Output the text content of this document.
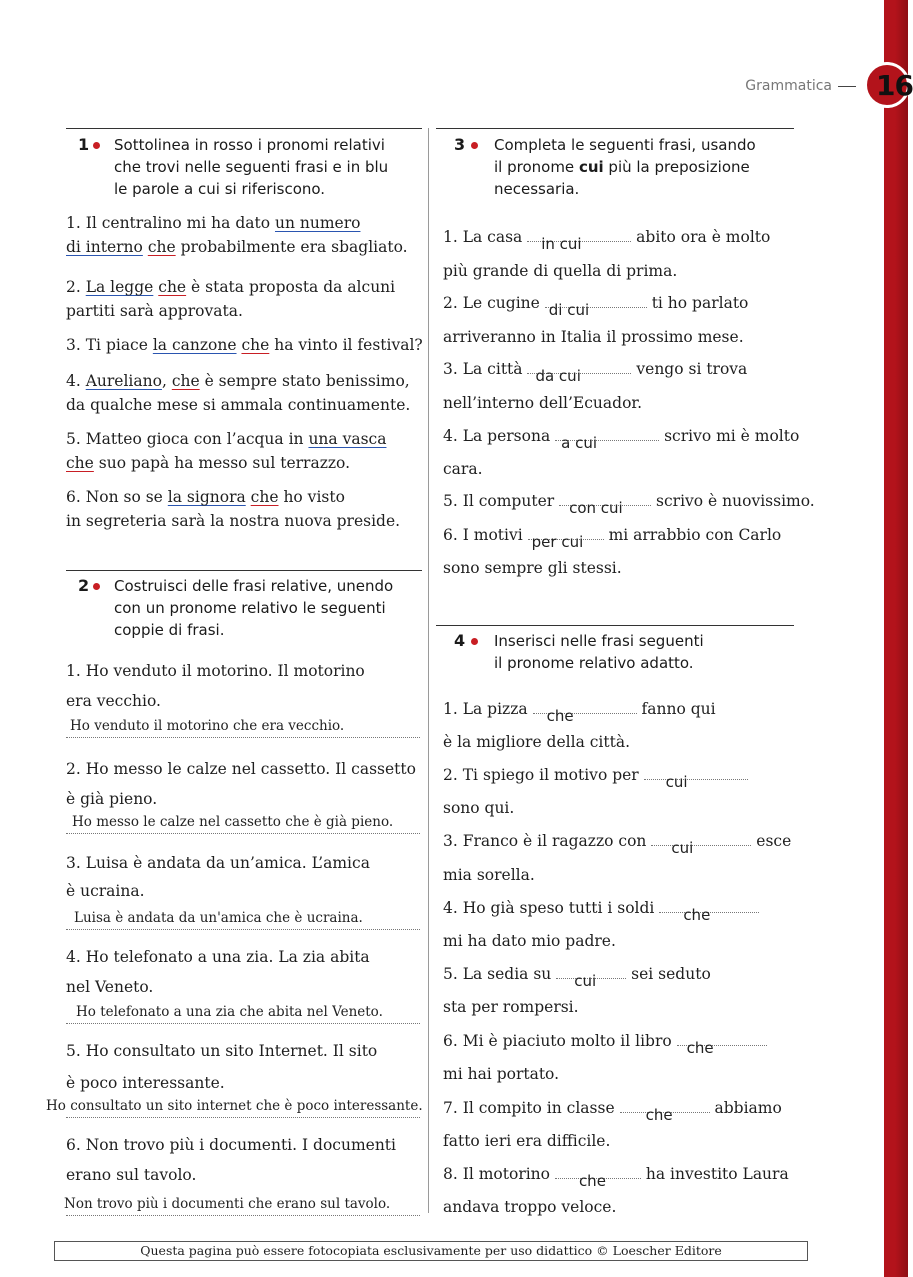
Grammatica 16
1 Sottolinea in rosso i pronomi relativi
che trovi nelle seguenti frasi e in blu
le parole a cui si riferiscono.
1. Il centralino mi ha dato un numero
di interno che probabilmente era sbagliato.
2. La legge che è stata proposta da alcuni
partiti sarà approvata.
3. Ti piace la canzone che ha vinto il festival?
4. Aureliano, che è sempre stato benissimo,
da qualche mese si ammala continuamente.
5. Matteo gioca con l’acqua in una vasca
che suo papà ha messo sul terrazzo.
6. Non so se la signora che ho visto
in segreteria sarà la nostra nuova preside.
2 Costruisci delle frasi relative, unendo
con un pronome relativo le seguenti
coppie di frasi.
1. Ho venduto il motorino. Il motorino
era vecchio.
Ho venduto il motorino che era vecchio.
2. Ho messo le calze nel cassetto. Il cassetto
è già pieno.
Ho messo le calze nel cassetto che è già pieno.
3. Luisa è andata da un’amica. L’amica
è ucraina.
Luisa è andata da un'amica che è ucraina.
4. Ho telefonato a una zia. La zia abita
nel Veneto.
Ho telefonato a una zia che abita nel Veneto.
5. Ho consultato un sito Internet. Il sito
è poco interessante.
Ho consultato un sito internet che è poco interessante.
6. Non trovo più i documenti. I documenti
erano sul tavolo.
Non trovo più i documenti che erano sul tavolo.
3 Completa le seguenti frasi, usando
il pronome cui più la preposizione
necessaria.
1. La casa in cui	abito ora è molto
più grande di quella di prima.
2. Le cugine di cui	ti ho parlato
arriveranno in Italia il prossimo mese.
3. La città da cui	vengo si trova
nell’interno dell’Ecuador.
4. La persona a cui	scrivo mi è molto
cara.
5. Il computer con cui scrivo è nuovissimo.
6. I motivi per cui mi arrabbio con Carlo
sono sempre gli stessi.
4 Inserisci nelle frasi seguenti
il pronome relativo adatto.
1. La pizza che	fanno qui
è la migliore della città.
2. Ti spiego il motivo per cui
sono qui.
3. Franco è il ragazzo con cui	esce
mia sorella.
4. Ho già speso tutti i soldi che
mi ha dato mio padre.
5. La sedia su cui sei seduto
sta per rompersi.
6. Mi è piaciuto molto il libro che
mi hai portato.
7. Il compito in classe che	abbiamo
fatto ieri era difficile.
8. Il motorino che	ha investito Laura
andava troppo veloce.
Questa pagina può essere fotocopiata esclusivamente per uso didattico © Loescher Editore
